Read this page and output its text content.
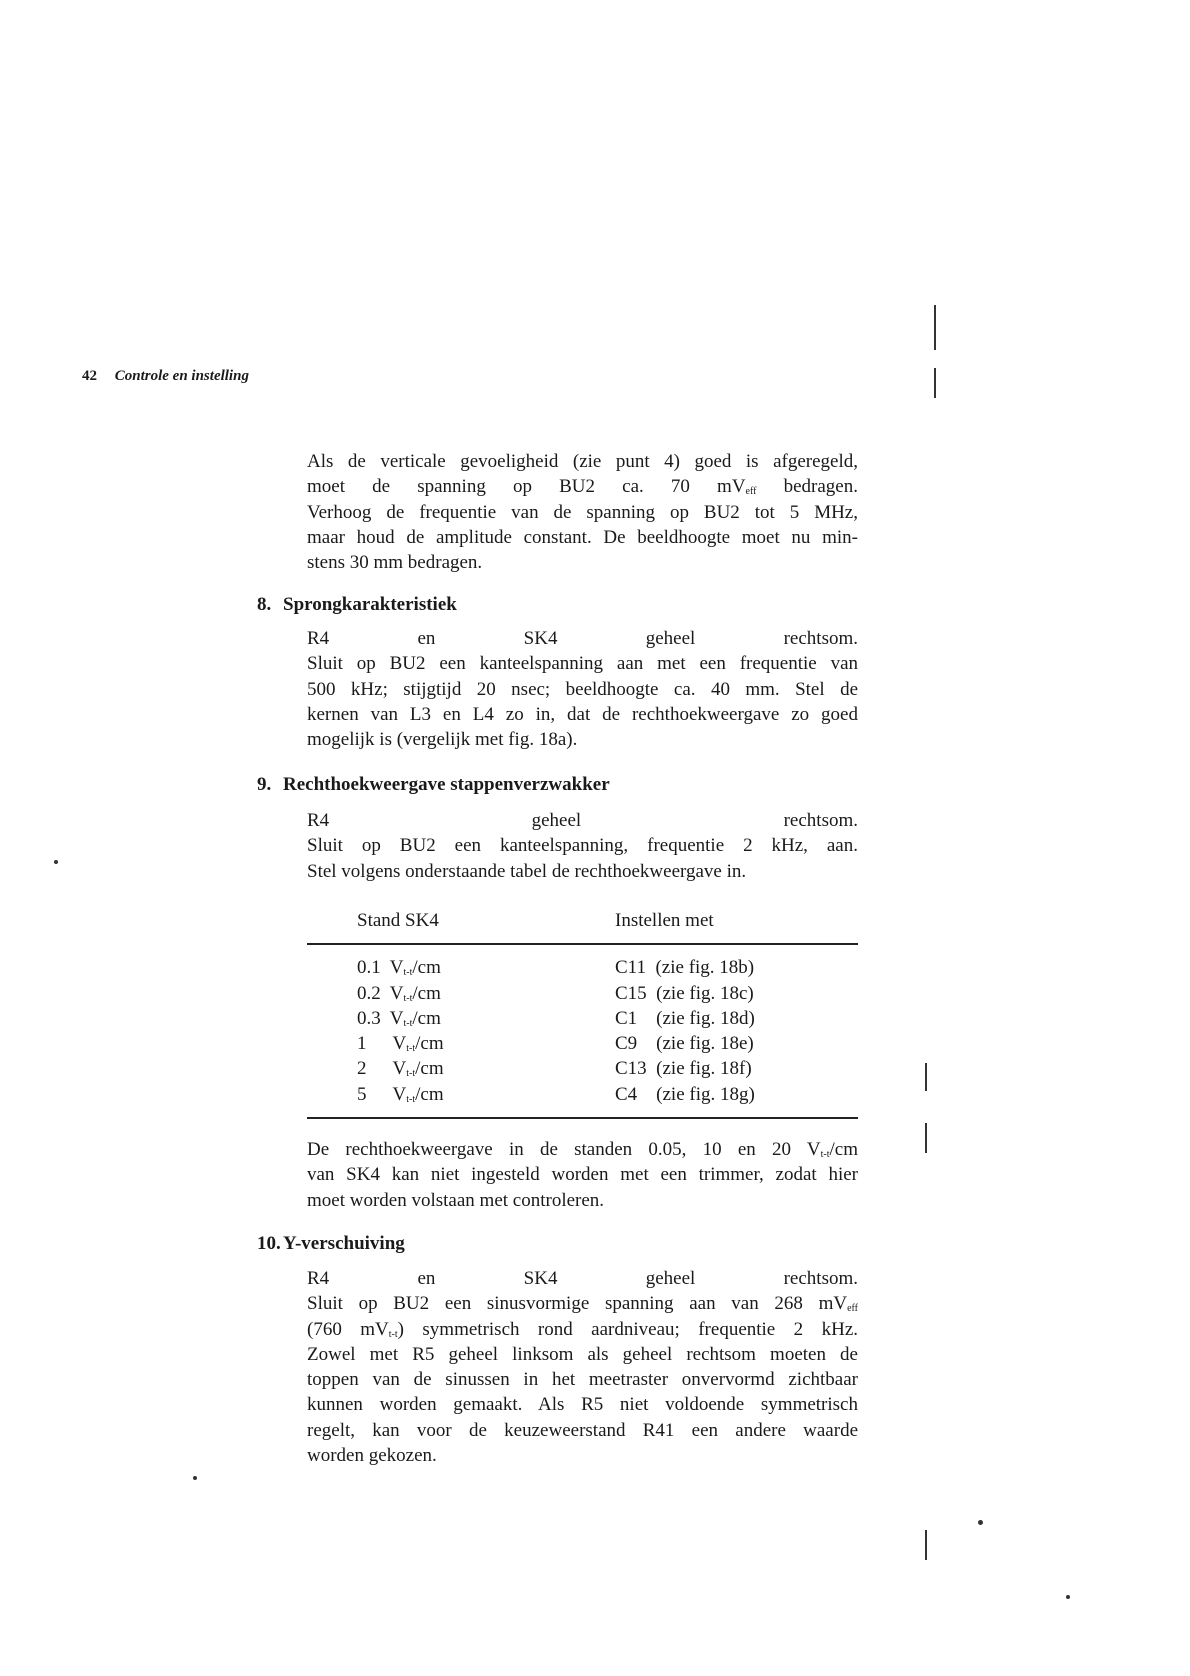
42 Controle en instelling
Als de verticale gevoeligheid (zie punt 4) goed is afgeregeld,
moet de spanning op BU2 ca. 70 $mV_{eff}$ bedragen.
Verhoog de frequentie van de spanning op BU2 tot 5 MHz,
maar houd de amplitude constant. De beeldhoogte moet nu min-
stens 30 mm bedragen.
8. Sprongkarakteristiek
R4 en SK4 geheel rechtsom.
Sluit op BU2 een kanteelspanning aan met een frequentie van
500 kHz; stijgtijd 20 nsec; beeldhoogte ca. 40 mm. Stel de
kernen van L3 en L4 zo in, dat de rechthoekweergave zo goed
mogelijk is (vergelijk met fig. 18a).
9. Rechthoekweergave stappenverzwakker
R4 geheel rechtsom.
Sluit op BU2 een kanteelspanning, frequentie 2 kHz, aan.
Stel volgens onderstaande tabel de rechthoekweergave in.
Stand SK4	Instellen met
0.1 $V_{t-t}/cm$	C11  (zie fig. 18b)
0.2 $V_{t-t}/cm$	C15  (zie fig. 18c)
0.3 $V_{t-t}/cm$	C1    (zie fig. 18d)
1 $V_{t-t}/cm$	C9    (zie fig. 18e)
2 $V_{t-t}/cm$	C13  (zie fig. 18f)
5 $V_{t-t}/cm$	C4    (zie fig. 18g)
De rechthoekweergave in de standen 0.05, 10 en 20 $V_{t-t}/cm$
van SK4 kan niet ingesteld worden met een trimmer, zodat hier
moet worden volstaan met controleren.
10. Y-verschuiving
R4 en SK4 geheel rechtsom.
Sluit op BU2 een sinusvormige spanning aan van 268 $mV_{eff}$
(760 $mV_{t-t}$) symmetrisch rond aardniveau; frequentie 2 kHz.
Zowel met R5 geheel linksom als geheel rechtsom moeten de
toppen van de sinussen in het meetraster onvervormd zichtbaar
kunnen worden gemaakt. Als R5 niet voldoende symmetrisch
regelt, kan voor de keuzeweerstand R41 een andere waarde
worden gekozen.
